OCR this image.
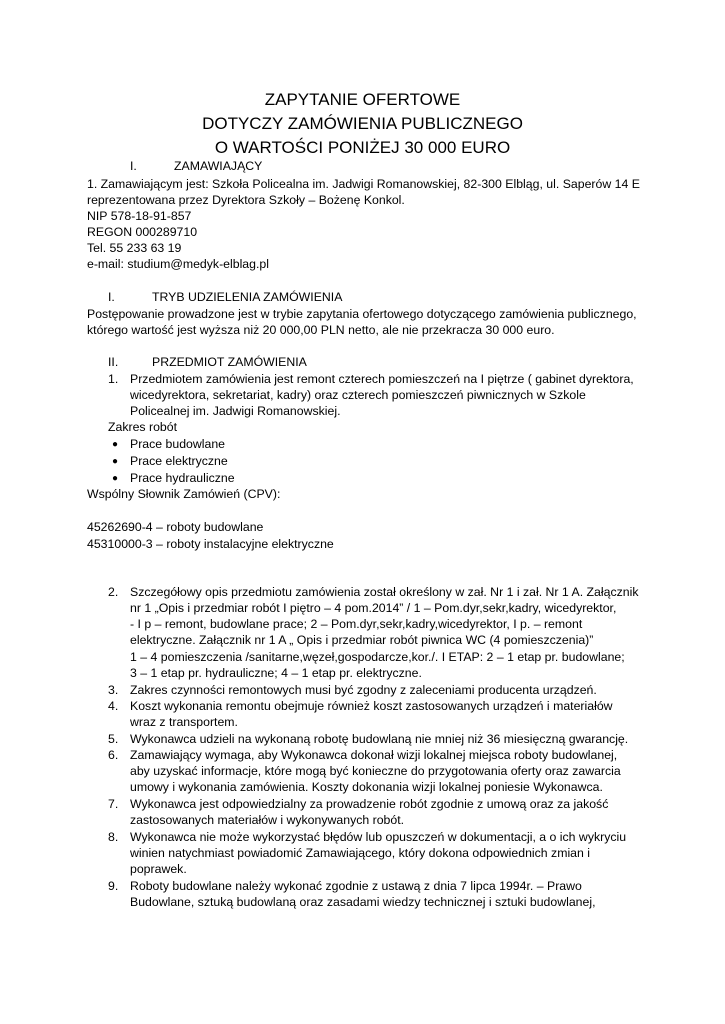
ZAPYTANIE OFERTOWE
DOTYCZY ZAMÓWIENIA PUBLICZNEGO
O WARTOŚCI PONIŻEJ 30 000 EURO
I.	ZAMAWIAJĄCY
1. Zamawiającym jest: Szkoła Policealna im. Jadwigi Romanowskiej, 82-300 Elbląg, ul. Saperów 14 E
reprezentowana przez Dyrektora Szkoły – Bożenę Konkol.
NIP 578-18-91-857
REGON 000289710
Tel. 55 233 63 19
e-mail: studium@medyk-elblag.pl
I.	TRYB UDZIELENIA ZAMÓWIENIA
Postępowanie prowadzone jest w trybie zapytania ofertowego dotyczącego zamówienia publicznego,
którego wartość jest wyższa niż 20 000,00 PLN netto, ale nie przekracza 30 000 euro.
II.	PRZEDMIOT ZAMÓWIENIA
1. Przedmiotem zamówienia jest remont czterech pomieszczeń na I piętrze ( gabinet dyrektora,
wicedyrektora, sekretariat, kadry) oraz czterech pomieszczeń piwnicznych w Szkole
Policealnej im. Jadwigi Romanowskiej.
Zakres robót
● Prace budowlane
● Prace elektryczne
● Prace hydrauliczne
Wspólny Słownik Zamówień (CPV):
45262690-4 – roboty budowlane
45310000-3 – roboty instalacyjne elektryczne
2. Szczegółowy opis przedmiotu zamówienia został określony w zał. Nr 1 i zał. Nr 1 A. Załącznik
nr 1 „Opis i przedmiar robót I piętro – 4 pom.2014” / 1 – Pom.dyr,sekr,kadry, wicedyrektor,
- I p – remont, budowlane prace; 2 – Pom.dyr,sekr,kadry,wicedyrektor, I p. – remont
elektryczne. Załącznik nr 1 A „ Opis i przedmiar robót piwnica WC (4 pomieszczenia)”
1 – 4 pomieszczenia /sanitarne,węzeł,gospodarcze,kor./. I ETAP: 2 – 1 etap pr. budowlane;
3 – 1 etap pr. hydrauliczne; 4 – 1 etap pr. elektryczne.
3. Zakres czynności remontowych musi być zgodny z zaleceniami producenta urządzeń.
4. Koszt wykonania remontu obejmuje również koszt zastosowanych urządzeń i materiałów
wraz z transportem.
5. Wykonawca udzieli na wykonaną robotę budowlaną nie mniej niż 36 miesięczną gwarancję.
6. Zamawiający wymaga, aby Wykonawca dokonał wizji lokalnej miejsca roboty budowlanej,
aby uzyskać informacje, które mogą być konieczne do przygotowania oferty oraz zawarcia
umowy i wykonania zamówienia. Koszty dokonania wizji lokalnej poniesie Wykonawca.
7. Wykonawca jest odpowiedzialny za prowadzenie robót zgodnie z umową oraz za jakość
zastosowanych materiałów i wykonywanych robót.
8. Wykonawca nie może wykorzystać błędów lub opuszczeń w dokumentacji, a o ich wykryciu
winien natychmiast powiadomić Zamawiającego, który dokona odpowiednich zmian i
poprawek.
9. Roboty budowlane należy wykonać zgodnie z ustawą z dnia 7 lipca 1994r. – Prawo
Budowlane, sztuką budowlaną oraz zasadami wiedzy technicznej i sztuki budowlanej,
